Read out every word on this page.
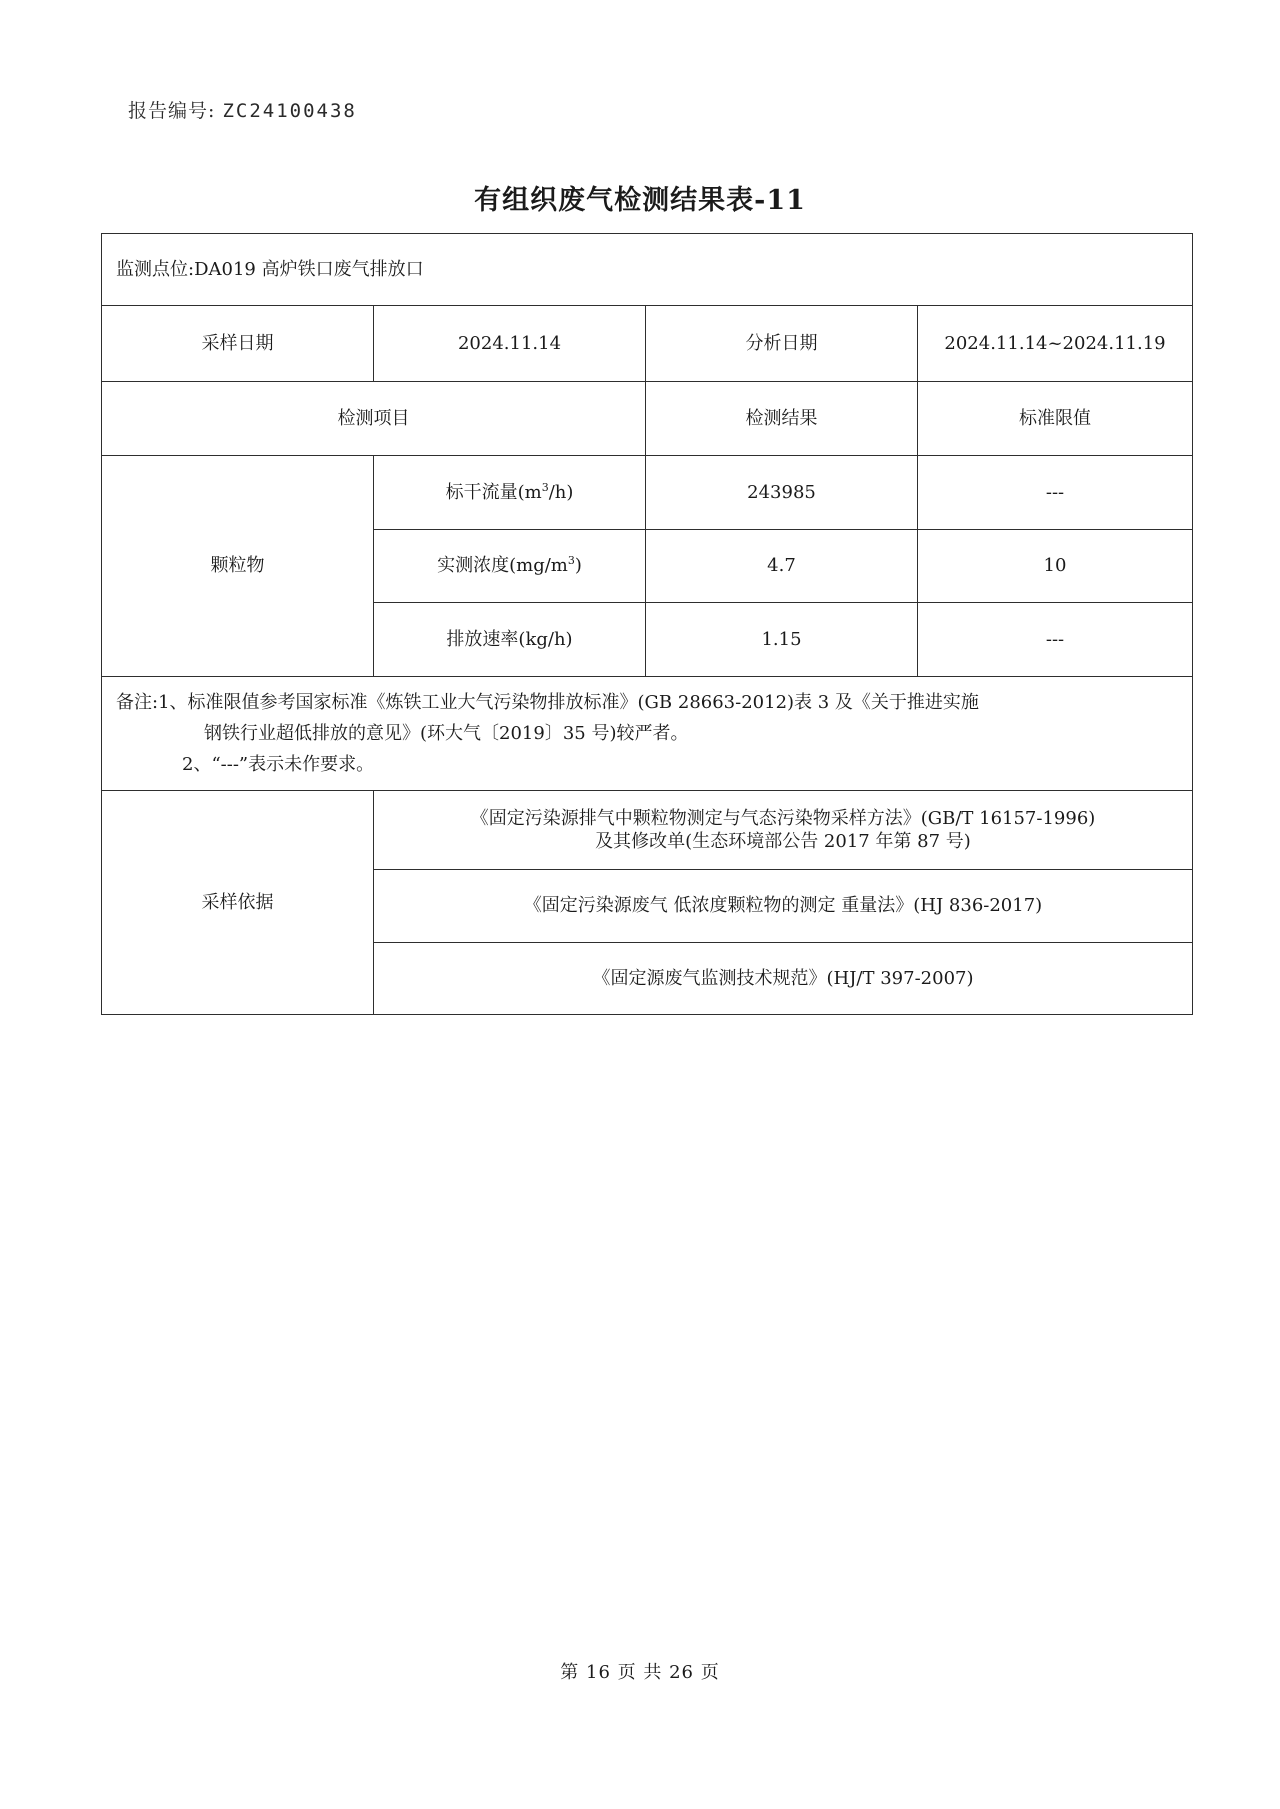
报告编号: ZC24100438
有组织废气检测结果表-11
监测点位:DA019 高炉铁口废气排放口			
采样日期	2024.11.14	分析日期	2024.11.14~2024.11.19
检测项目		检测结果	标准限值
颗粒物	标干流量$(m^3/h)$	243985	---
	实测浓度$(mg/m^3)$	4.7	10
	排放速率(kg/h)	1.15	---

备注:1、标准限值参考国家标准《炼铁工业大气污染物排放标准》(GB 28663-2012)表 3 及《关于推进实施
钢铁行业超低排放的意见》(环大气〔2019〕35 号)较严者。
2、“---”表示未作要求。			

采样依据	《固定污染源排气中颗粒物测定与气态污染物采样方法》(GB/T 16157-1996)
及其修改单(生态环境部公告 2017 年第 87 号)		

	《固定污染源废气 低浓度颗粒物的测定 重量法》(HJ 836-2017)		
	《固定源废气监测技术规范》(HJ/T 397-2007)		
第 16 页 共 26 页
